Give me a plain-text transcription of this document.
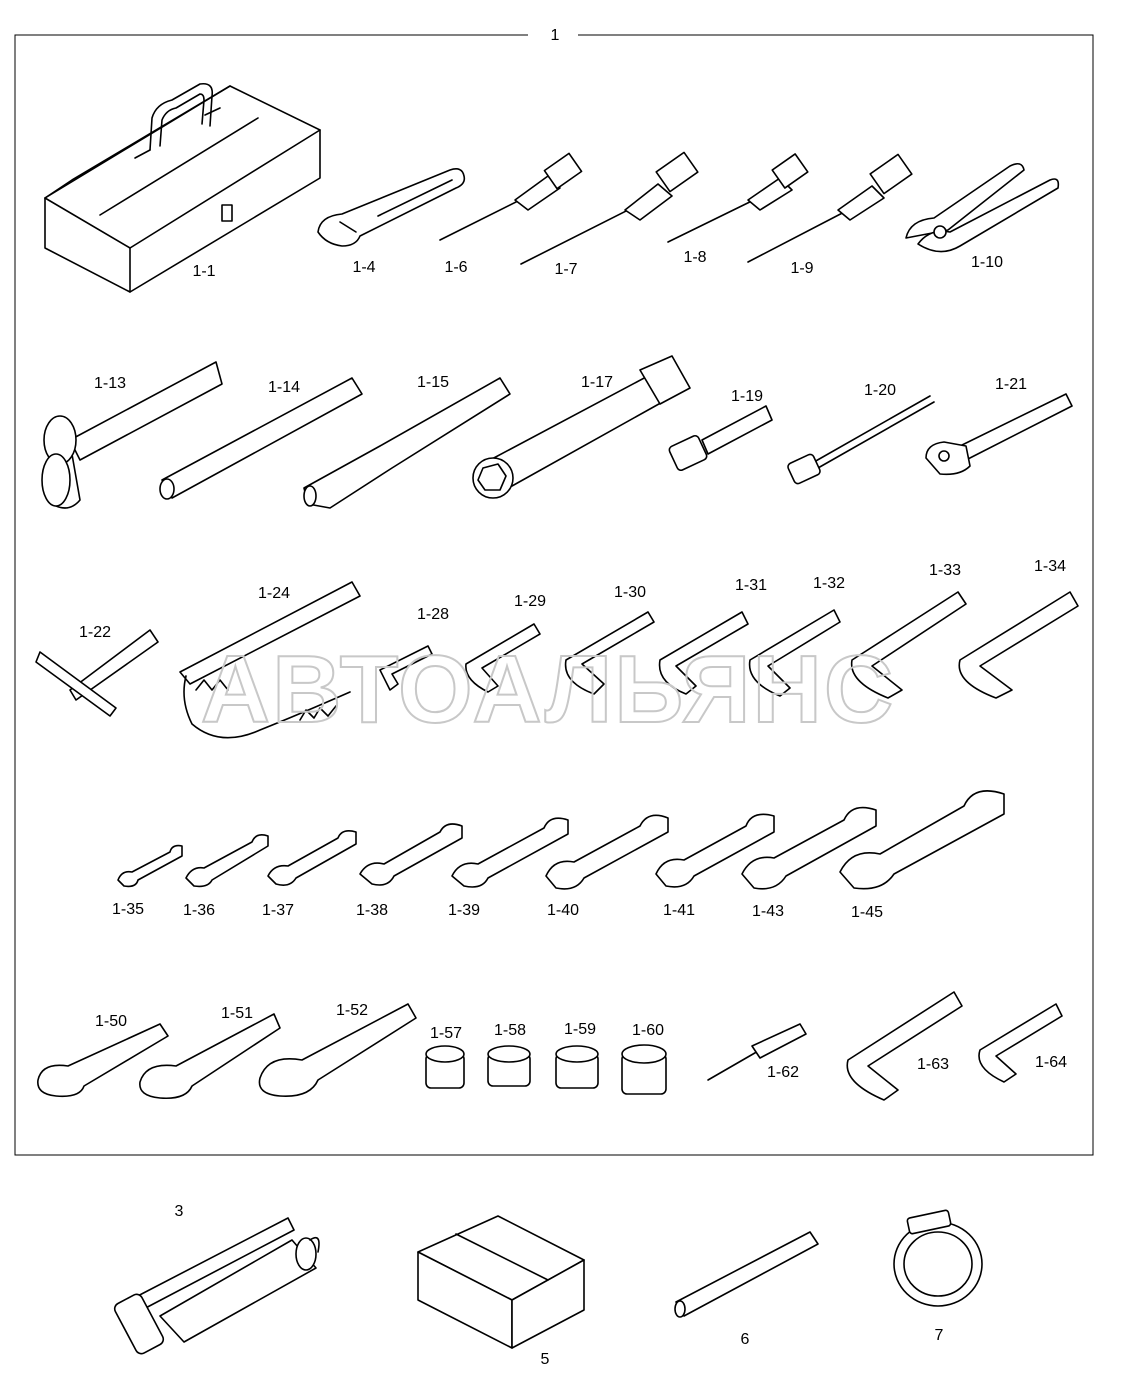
АВТОАЛЬЯНС
1
1-1	1-4	1-6	1-7
1-8
1-9	1-10
1-13	1-14	1-15	1-17
1-19	1-20	1-21
1-22
1-24
1-28
1-29
1-30	1-31	1-32
1-33	1-34
1-35 1-36	1-37	1-38	1-39	1-40	1-41	1-43	1-45
1-50	1-51	1-52
1-57 1-58 1-59 1-60
1-62	1-63	1-64
3
5
6	7
